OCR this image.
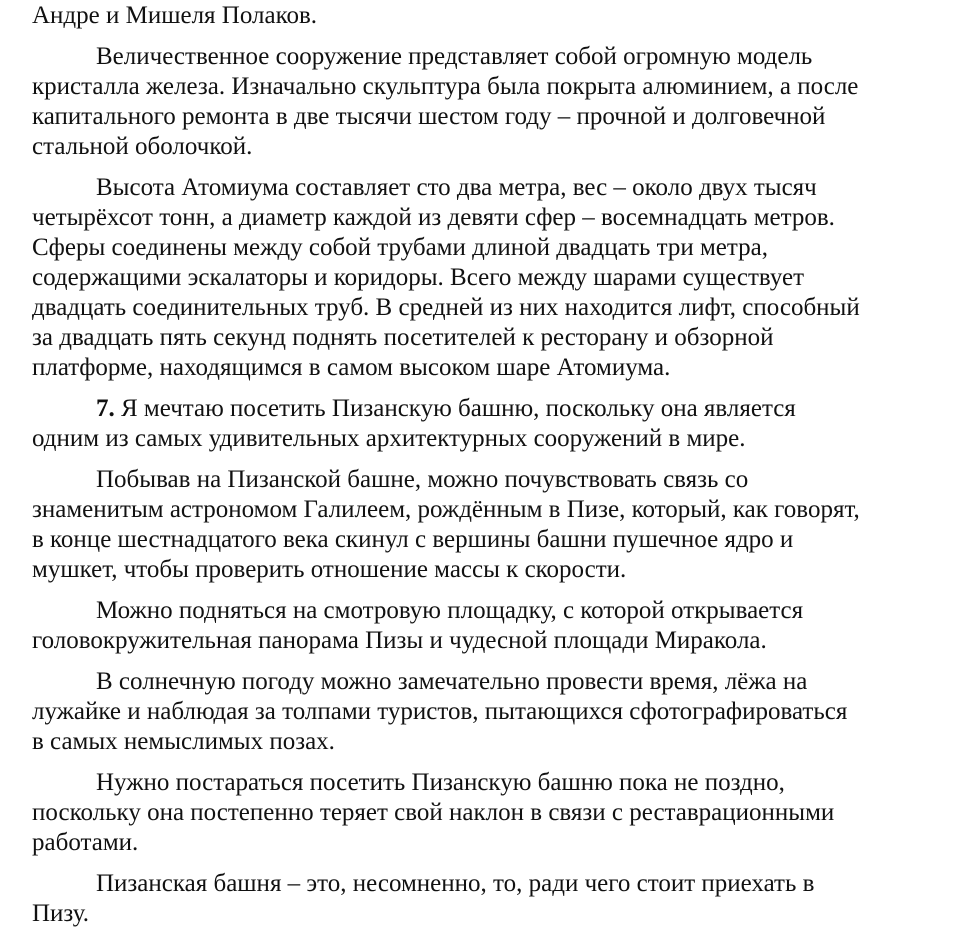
Андре и Мишеля Полаков.
Величественное сооружение представляет собой огромную модель
кристалла железа. Изначально скульптура была покрыта алюминием, а после
капитального ремонта в две тысячи шестом году – прочной и долговечной
стальной оболочкой.
Высота Атомиума составляет сто два метра, вес – около двух тысяч
четырёхсот тонн, а диаметр каждой из девяти сфер – восемнадцать метров.
Сферы соединены между собой трубами длиной двадцать три метра,
содержащими эскалаторы и коридоры. Всего между шарами существует
двадцать соединительных труб. В средней из них находится лифт, способный
за двадцать пять секунд поднять посетителей к ресторану и обзорной
платформе, находящимся в самом высоком шаре Атомиума.
7. Я мечтаю посетить Пизанскую башню, поскольку она является
одним из самых удивительных архитектурных сооружений в мире.
Побывав на Пизанской башне, можно почувствовать связь со
знаменитым астрономом Галилеем, рождённым в Пизе, который, как говорят,
в конце шестнадцатого века скинул с вершины башни пушечное ядро и
мушкет, чтобы проверить отношение массы к скорости.
Можно подняться на смотровую площадку, с которой открывается
головокружительная панорама Пизы и чудесной площади Миракола.
В солнечную погоду можно замечательно провести время, лёжа на
лужайке и наблюдая за толпами туристов, пытающихся сфотографироваться
в самых немыслимых позах.
Нужно постараться посетить Пизанскую башню пока не поздно,
поскольку она постепенно теряет свой наклон в связи с реставрационными
работами.
Пизанская башня – это, несомненно, то, ради чего стоит приехать в
Пизу.
